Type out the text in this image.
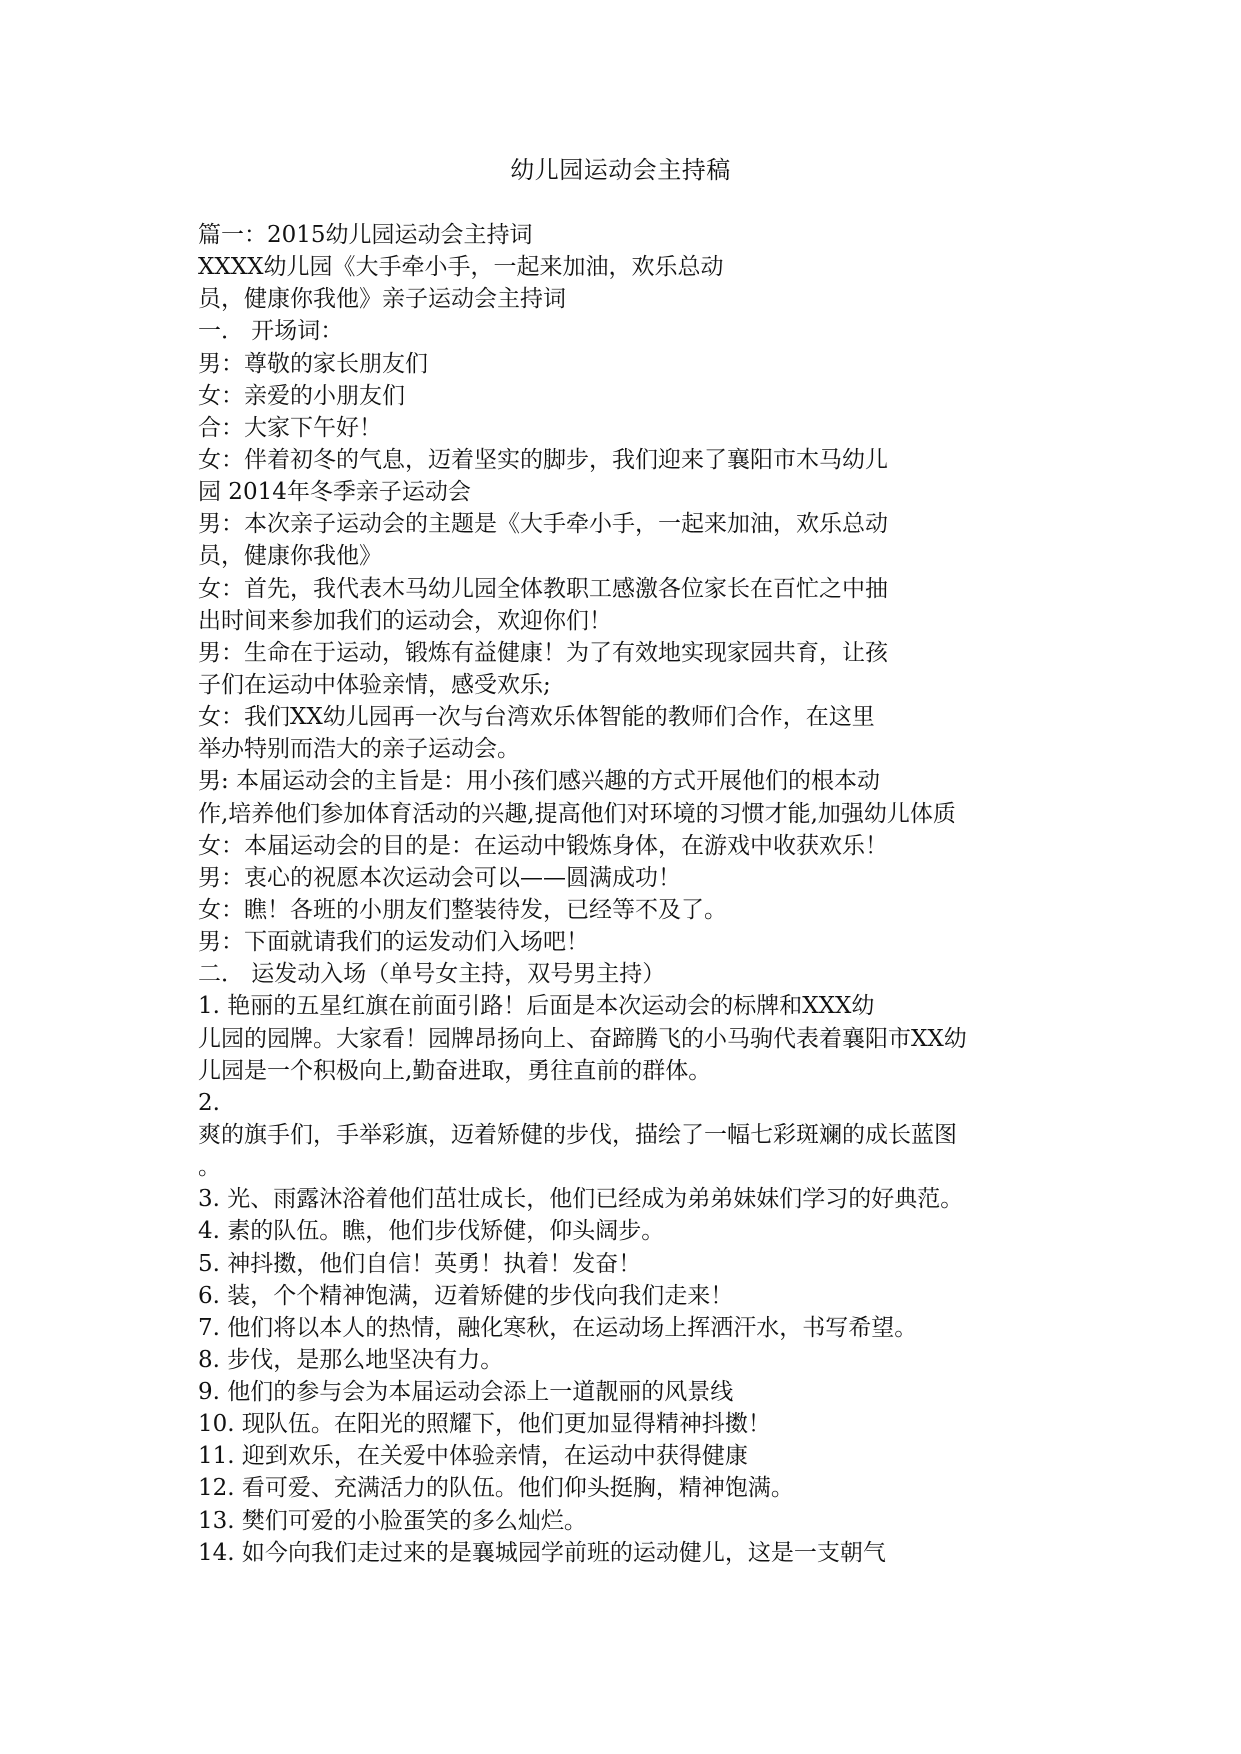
幼儿园运动会主持稿
篇一：2015幼儿园运动会主持词
XXXX幼儿园《大手牵小手，一起来加油，欢乐总动
员，健康你我他》亲子运动会主持词
一． 开场词：
男：尊敬的家长朋友们
女：亲爱的小朋友们
合：大家下午好！
女：伴着初冬的气息，迈着坚实的脚步，我们迎来了襄阳市木马幼儿
园 2014年冬季亲子运动会
男：本次亲子运动会的主题是《大手牵小手，一起来加油，欢乐总动
员，健康你我他》
女：首先，我代表木马幼儿园全体教职工感激各位家长在百忙之中抽
出时间来参加我们的运动会，欢迎你们！
男：生命在于运动，锻炼有益健康！为了有效地实现家园共育，让孩
子们在运动中体验亲情，感受欢乐;
女：我们XX幼儿园再一次与台湾欢乐体智能的教师们合作，在这里
举办特别而浩大的亲子运动会。
男: 本届运动会的主旨是：用小孩们感兴趣的方式开展他们的根本动
作,培养他们参加体育活动的兴趣,提高他们对环境的习惯才能,加强幼儿体质
女：本届运动会的目的是：在运动中锻炼身体，在游戏中收获欢乐！
男：衷心的祝愿本次运动会可以——圆满成功！
女：瞧！各班的小朋友们整装待发，已经等不及了。
男：下面就请我们的运发动们入场吧！
二． 运发动入场（单号女主持，双号男主持）
1. 艳丽的五星红旗在前面引路！后面是本次运动会的标牌和XXX幼
儿园的园牌。大家看！园牌昂扬向上、奋蹄腾飞的小马驹代表着襄阳市XX幼
儿园是一个积极向上,勤奋进取，勇往直前的群体。
2.
爽的旗手们，手举彩旗，迈着矫健的步伐，描绘了一幅七彩斑斓的成长蓝图
。
3. 光、雨露沐浴着他们茁壮成长，他们已经成为弟弟妹妹们学习的好典范。
4. 素的队伍。瞧，他们步伐矫健，仰头阔步。
5. 神抖擞，他们自信！英勇！执着！发奋！
6. 装，个个精神饱满，迈着矫健的步伐向我们走来！
7. 他们将以本人的热情，融化寒秋，在运动场上挥洒汗水，书写希望。
8. 步伐，是那么地坚决有力。
9. 他们的参与会为本届运动会添上一道靓丽的风景线
10. 现队伍。在阳光的照耀下，他们更加显得精神抖擞！
11. 迎到欢乐，在关爱中体验亲情，在运动中获得健康
12. 看可爱、充满活力的队伍。他们仰头挺胸，精神饱满。
13. 樊们可爱的小脸蛋笑的多么灿烂。
14. 如今向我们走过来的是襄城园学前班的运动健儿，这是一支朝气
